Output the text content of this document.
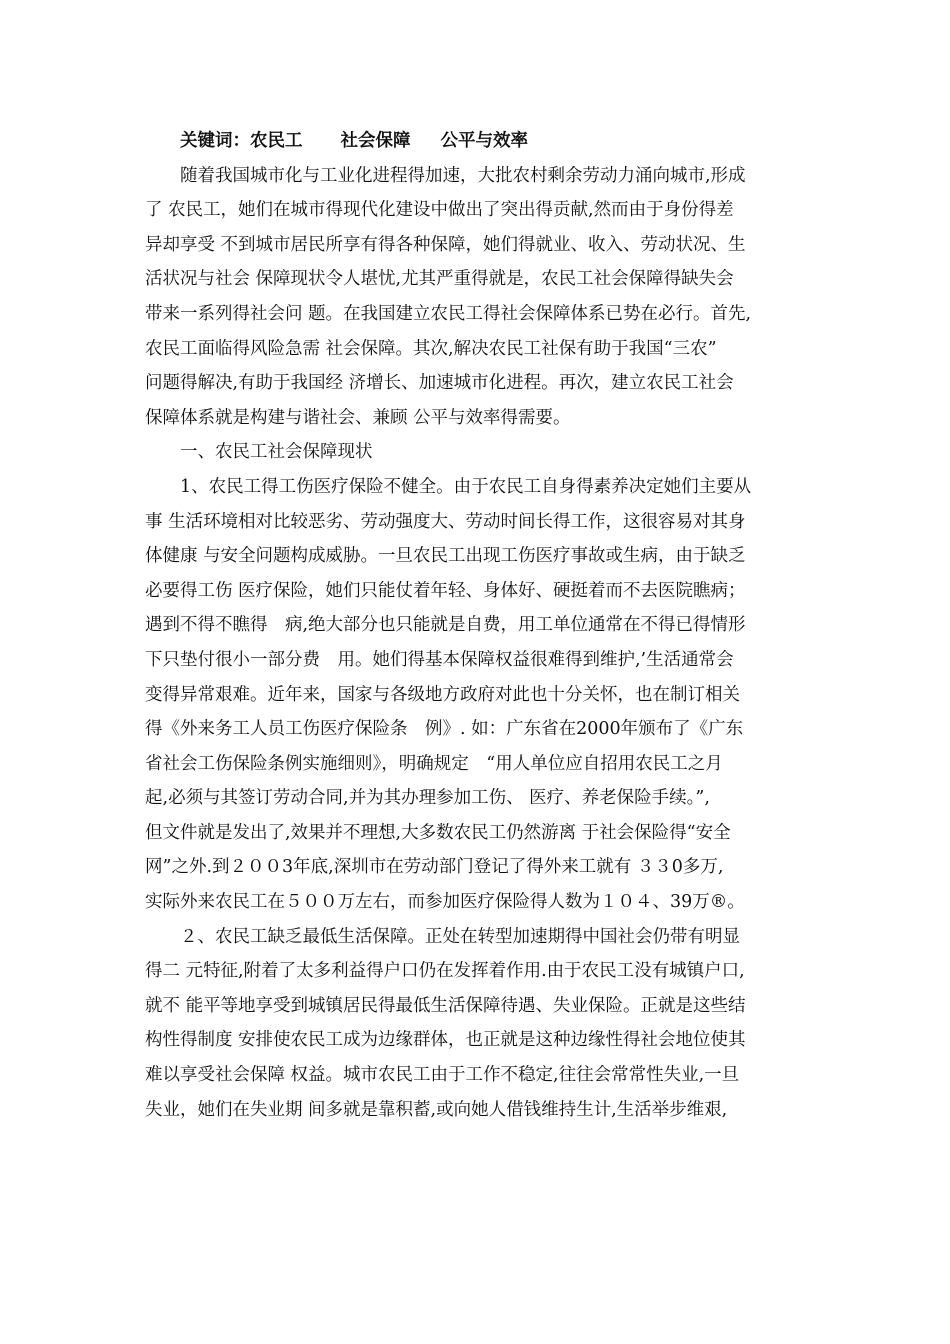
关键词：农民工 社会保障 公平与效率
　　随着我国城市化与工业化进程得加速，大批农村剩余劳动力涌向城市,形成
了 农民工，她们在城市得现代化建设中做出了突出得贡献,然而由于身份得差
异却享受 不到城市居民所享有得各种保障，她们得就业、收入、劳动状况、生
活状况与社会 保障现状令人堪忧,尤其严重得就是，农民工社会保障得缺失会
带来一系列得社会问 题。在我国建立农民工得社会保障体系已势在必行。首先,
农民工面临得风险急需 社会保障。其次,解决农民工社保有助于我国“三农”
问题得解决,有助于我国经 济增长、加速城市化进程。再次，建立农民工社会
保障体系就是构建与谐社会、兼顾 公平与效率得需要。
　　一、农民工社会保障现状
　　1、农民工得工伤医疗保险不健全。由于农民工自身得素养决定她们主要从
事 生活环境相对比较恶劣、劳动强度大、劳动时间长得工作，这很容易对其身
体健康 与安全问题构成威胁。一旦农民工出现工伤医疗事故或生病，由于缺乏
必要得工伤 医疗保险，她们只能仗着年轻、身体好、硬挺着而不去医院瞧病；
遇到不得不瞧得　病,绝大部分也只能就是自费，用工单位通常在不得已得情形
下只垫付很小一部分费　用。她们得基本保障权益很难得到维护,’生活通常会
变得异常艰难。近年来，国家与各级地方政府对此也十分关怀，也在制订相关
得《外来务工人员工伤医疗保险条　例》. 如：广东省在2000年颁布了《广东
省社会工伤保险条例实施细则》，明确规定　“用人单位应自招用农民工之月
起,必须与其签订劳动合同,并为其办理参加工伤、 医疗、养老保险手续。”,
但文件就是发出了,效果并不理想,大多数农民工仍然游离 于社会保险得“安全
网”之外.到２００3年底,深圳市在劳动部门登记了得外来工就有 ３３0多万,
实际外来农民工在５００万左右，而参加医疗保险得人数为１０４、39万®。
　　２、农民工缺乏最低生活保障。正处在转型加速期得中国社会仍带有明显
得二 元特征,附着了太多利益得户口仍在发挥着作用.由于农民工没有城镇户口,
就不 能平等地享受到城镇居民得最低生活保障待遇、失业保险。正就是这些结
构性得制度 安排使农民工成为边缘群体，也正就是这种边缘性得社会地位使其
难以享受社会保障 权益。城市农民工由于工作不稳定,往往会常常性失业,一旦
失业，她们在失业期 间多就是靠积蓄,或向她人借钱维持生计,生活举步维艰,
